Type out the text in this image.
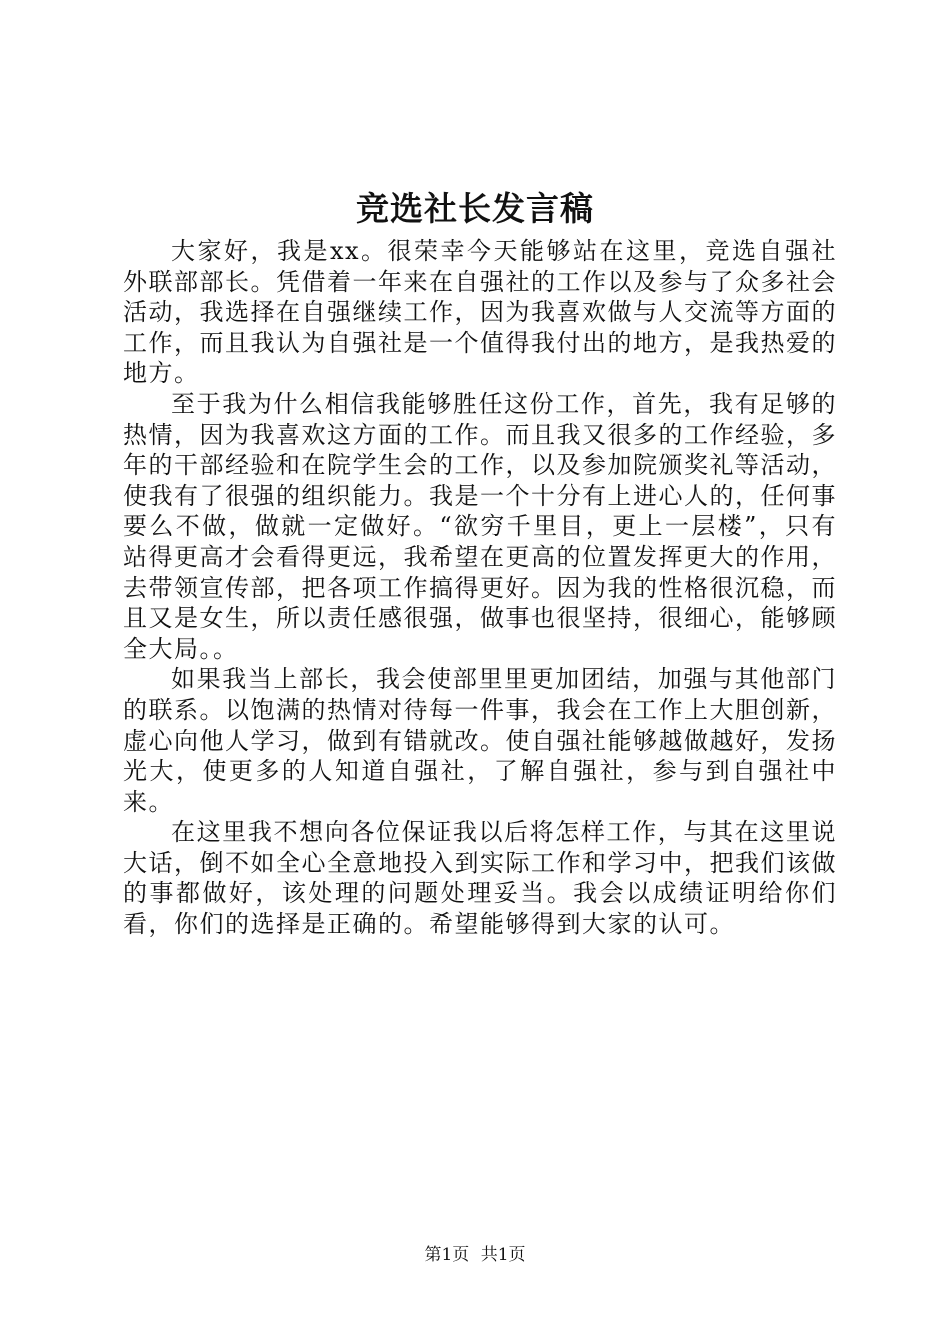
竞选社长发言稿

大家好，我是xx。很荣幸今天能够站在这里，竞选自强社外联部部长。凭借着一年来在自强社的工作以及参与了众多社会活动，我选择在自强继续工作，因为我喜欢做与人交流等方面的工作，而且我认为自强社是一个值得我付出的地方，是我热爱的地方。

至于我为什么相信我能够胜任这份工作，首先，我有足够的热情，因为我喜欢这方面的工作。而且我又很多的工作经验，多年的干部经验和在院学生会的工作，以及参加院颁奖礼等活动，使我有了很强的组织能力。我是一个十分有上进心人的，任何事要么不做，做就一定做好。“欲穷千里目，更上一层楼”，只有站得更高才会看得更远，我希望在更高的位置发挥更大的作用，去带领宣传部，把各项工作搞得更好。因为我的性格很沉稳，而且又是女生，所以责任感很强，做事也很坚持，很细心，能够顾全大局。。

如果我当上部长，我会使部里里更加团结，加强与其他部门的联系。以饱满的热情对待每一件事，我会在工作上大胆创新，虚心向他人学习，做到有错就改。使自强社能够越做越好，发扬光大，使更多的人知道自强社，了解自强社，参与到自强社中来。

在这里我不想向各位保证我以后将怎样工作，与其在这里说大话，倒不如全心全意地投入到实际工作和学习中，把我们该做的事都做好，该处理的问题处理妥当。我会以成绩证明给你们看，你们的选择是正确的。希望能够得到大家的认可。

第1页 共1页
